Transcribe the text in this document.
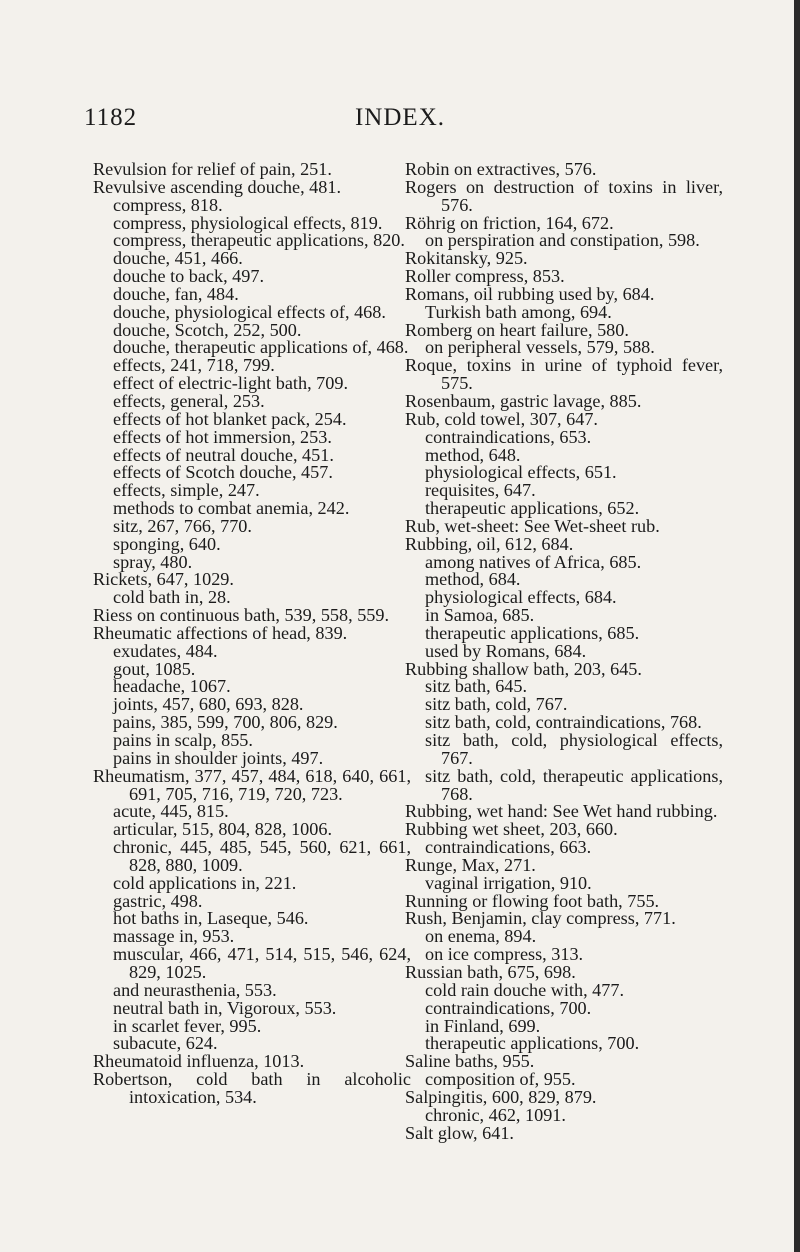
1182	INDEX.
Revulsion for relief of pain, 251.
Revulsive ascending douche, 481.
compress, 818.
compress, physiological effects, 819.
compress, therapeutic applications, 820.
douche, 451, 466.
douche to back, 497.
douche, fan, 484.
douche, physiological effects of, 468.
douche, Scotch, 252, 500.
douche, therapeutic applications of, 468.
effects, 241, 718, 799.
effect of electric-light bath, 709.
effects, general, 253.
effects of hot blanket pack, 254.
effects of hot immersion, 253.
effects of neutral douche, 451.
effects of Scotch douche, 457.
effects, simple, 247.
methods to combat anemia, 242.
sitz, 267, 766, 770.
sponging, 640.
spray, 480.
Rickets, 647, 1029.
cold bath in, 28.
Riess on continuous bath, 539, 558, 559.
Rheumatic affections of head, 839.
exudates, 484.
gout, 1085.
headache, 1067.
joints, 457, 680, 693, 828.
pains, 385, 599, 700, 806, 829.
pains in scalp, 855.
pains in shoulder joints, 497.
Rheumatism, 377, 457, 484, 618, 640, 661, 691, 705, 716, 719, 720, 723.
acute, 445, 815.
articular, 515, 804, 828, 1006.
chronic, 445, 485, 545, 560, 621, 661, 828, 880, 1009.
cold applications in, 221.
gastric, 498.
hot baths in, Laseque, 546.
massage in, 953.
muscular, 466, 471, 514, 515, 546, 624, 829, 1025.
and neurasthenia, 553.
neutral bath in, Vigoroux, 553.
in scarlet fever, 995.
subacute, 624.
Rheumatoid influenza, 1013.
Robertson, cold bath in alcoholic intoxication, 534.
Robin on extractives, 576.
Rogers on destruction of toxins in liver, 576.
Röhrig on friction, 164, 672.
on perspiration and constipation, 598.
Rokitansky, 925.
Roller compress, 853.
Romans, oil rubbing used by, 684.
Turkish bath among, 694.
Romberg on heart failure, 580.
on peripheral vessels, 579, 588.
Roque, toxins in urine of typhoid fever, 575.
Rosenbaum, gastric lavage, 885.
Rub, cold towel, 307, 647.
contraindications, 653.
method, 648.
physiological effects, 651.
requisites, 647.
therapeutic applications, 652.
Rub, wet-sheet: See Wet-sheet rub.
Rubbing, oil, 612, 684.
among natives of Africa, 685.
method, 684.
physiological effects, 684.
in Samoa, 685.
therapeutic applications, 685.
used by Romans, 684.
Rubbing shallow bath, 203, 645.
sitz bath, 645.
sitz bath, cold, 767.
sitz bath, cold, contraindications, 768.
sitz bath, cold, physiological effects, 767.
sitz bath, cold, therapeutic applications, 768.
Rubbing, wet hand: See Wet hand rubbing.
Rubbing wet sheet, 203, 660.
contraindications, 663.
Runge, Max, 271.
vaginal irrigation, 910.
Running or flowing foot bath, 755.
Rush, Benjamin, clay compress, 771.
on enema, 894.
on ice compress, 313.
Russian bath, 675, 698.
cold rain douche with, 477.
contraindications, 700.
in Finland, 699.
therapeutic applications, 700.
Saline baths, 955.
composition of, 955.
Salpingitis, 600, 829, 879.
chronic, 462, 1091.
Salt glow, 641.
